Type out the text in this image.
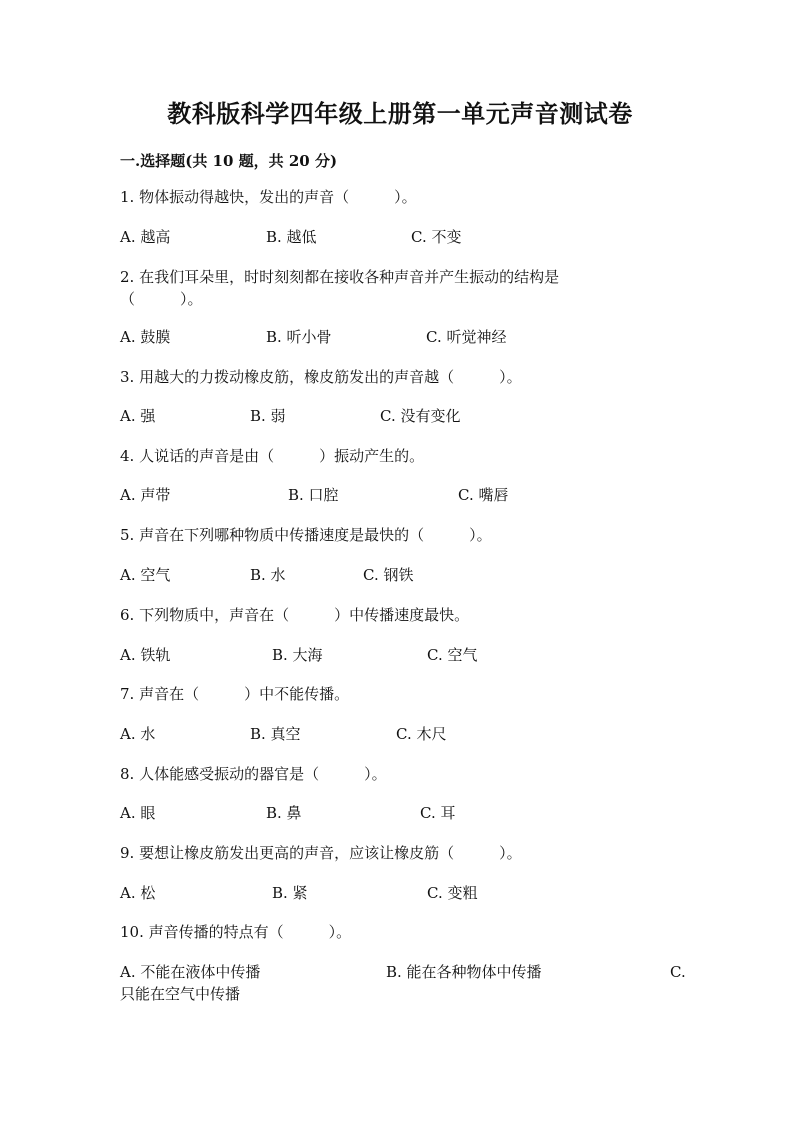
教科版科学四年级上册第一单元声音测试卷
一.选择题(共 10 题，共 20 分)
1. 物体振动得越快，发出的声音（　　　）。
A. 越高	B. 越低	C. 不变
2. 在我们耳朵里，时时刻刻都在接收各种声音并产生振动的结构是（　　　）。
A. 鼓膜	B. 听小骨	C. 听觉神经
3. 用越大的力拨动橡皮筋，橡皮筋发出的声音越（　　　）。
A. 强	B. 弱	C. 没有变化
4. 人说话的声音是由（　　　）振动产生的。
A. 声带	B. 口腔	C. 嘴唇
5. 声音在下列哪种物质中传播速度是最快的（　　　）。
A. 空气	B. 水	C. 钢铁
6. 下列物质中，声音在（　　　）中传播速度最快。
A. 铁轨	B. 大海	C. 空气
7. 声音在（　　　）中不能传播。
A. 水	B. 真空	C. 木尺
8. 人体能感受振动的器官是（　　　）。
A. 眼	B. 鼻	C. 耳
9. 要想让橡皮筋发出更高的声音，应该让橡皮筋（　　　）。
A. 松	B. 紧	C. 变粗
10. 声音传播的特点有（　　　）。
A. 不能在液体中传播	B. 能在各种物体中传播	C.
只能在空气中传播
